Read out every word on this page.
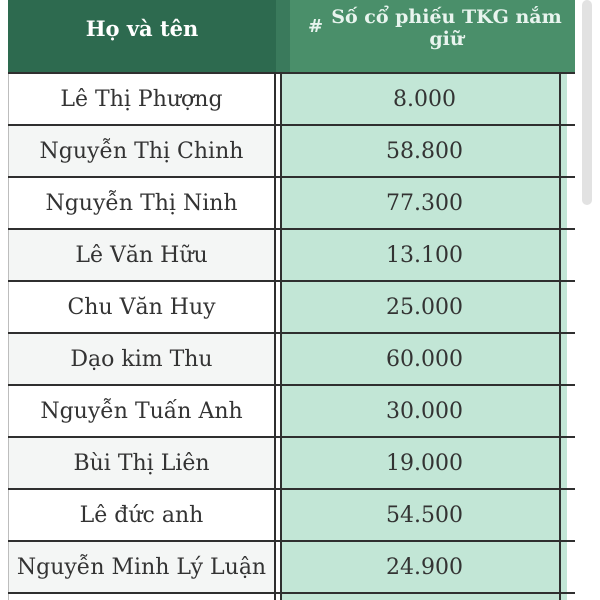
Họ và tên	# Số cổ phiếu TKG nắm giữ
Lê Thị Phượng	8.000
Nguyễn Thị Chinh	58.800
Nguyễn Thị Ninh	77.300
Lê Văn Hữu	13.100
Chu Văn Huy	25.000
Dạo kim Thu	60.000
Nguyễn Tuấn Anh	30.000
Bùi Thị Liên	19.000
Lê đức anh	54.500
Nguyễn Minh Lý Luận	24.900
